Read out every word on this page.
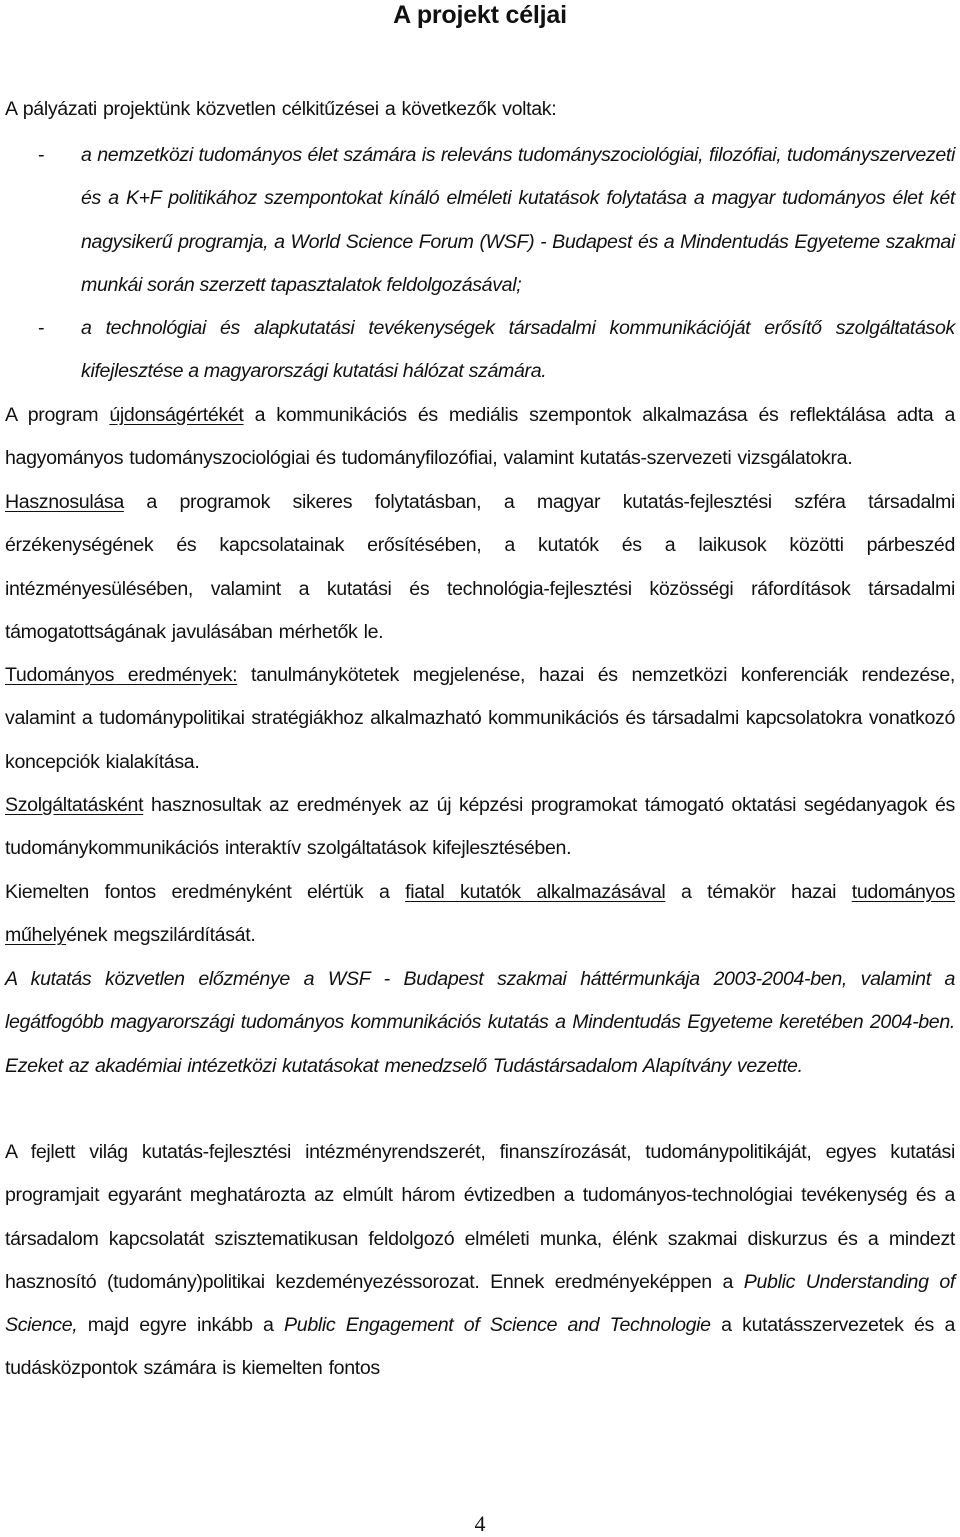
A projekt céljai

A pályázati projektünk közvetlen célkitűzései a következők voltak:

- a nemzetközi tudományos élet számára is releváns tudományszociológiai, filozófiai, tudományszervezeti és a K+F politikához szempontokat kínáló elméleti kutatások folytatása a magyar tudományos élet két nagysikerű programja, a World Science Forum (WSF) - Budapest és a Mindentudás Egyeteme szakmai munkái során szerzett tapasztalatok feldolgozásával;
- a technológiai és alapkutatási tevékenységek társadalmi kommunikációját erősítő szolgáltatások kifejlesztése a magyarországi kutatási hálózat számára.

A program újdonságértékét a kommunikációs és mediális szempontok alkalmazása és reflektálása adta a hagyományos tudományszociológiai és tudományfilozófiai, valamint kutatás-szervezeti vizsgálatokra.

Hasznosulása a programok sikeres folytatásban, a magyar kutatás-fejlesztési szféra társadalmi érzékenységének és kapcsolatainak erősítésében, a kutatók és a laikusok közötti párbeszéd intézményesülésében, valamint a kutatási és technológia-fejlesztési közösségi ráfordítások társadalmi támogatottságának javulásában mérhetők le.

Tudományos eredmények: tanulmánykötetek megjelenése, hazai és nemzetközi konferenciák rendezése, valamint a tudománypolitikai stratégiákhoz alkalmazható kommunikációs és társadalmi kapcsolatokra vonatkozó koncepciók kialakítása.

Szolgáltatásként hasznosultak az eredmények az új képzési programokat támogató oktatási segédanyagok és tudománykommunikációs interaktív szolgáltatások kifejlesztésében.

Kiemelten fontos eredményként elértük a fiatal kutatók alkalmazásával a témakör hazai tudományos műhelyének megszilárdítását.

A kutatás közvetlen előzménye a WSF - Budapest szakmai háttérmunkája 2003-2004-ben, valamint a legátfogóbb magyarországi tudományos kommunikációs kutatás a Mindentudás Egyeteme keretében 2004-ben. Ezeket az akadémiai intézetközi kutatásokat menedzselő Tudástársadalom Alapítvány vezette.

A fejlett világ kutatás-fejlesztési intézményrendszerét, finanszírozását, tudománypolitikáját, egyes kutatási programjait egyaránt meghatározta az elmúlt három évtizedben a tudományos-technológiai tevékenység és a társadalom kapcsolatát szisztematikusan feldolgozó elméleti munka, élénk szakmai diskurzus és a mindezt hasznosító (tudomány)politikai kezdeményezéssorozat. Ennek eredményeképpen a Public Understanding of Science, majd egyre inkább a Public Engagement of Science and Technologie a kutatásszervezetek és a tudásközpontok számára is kiemelten fontos

4
